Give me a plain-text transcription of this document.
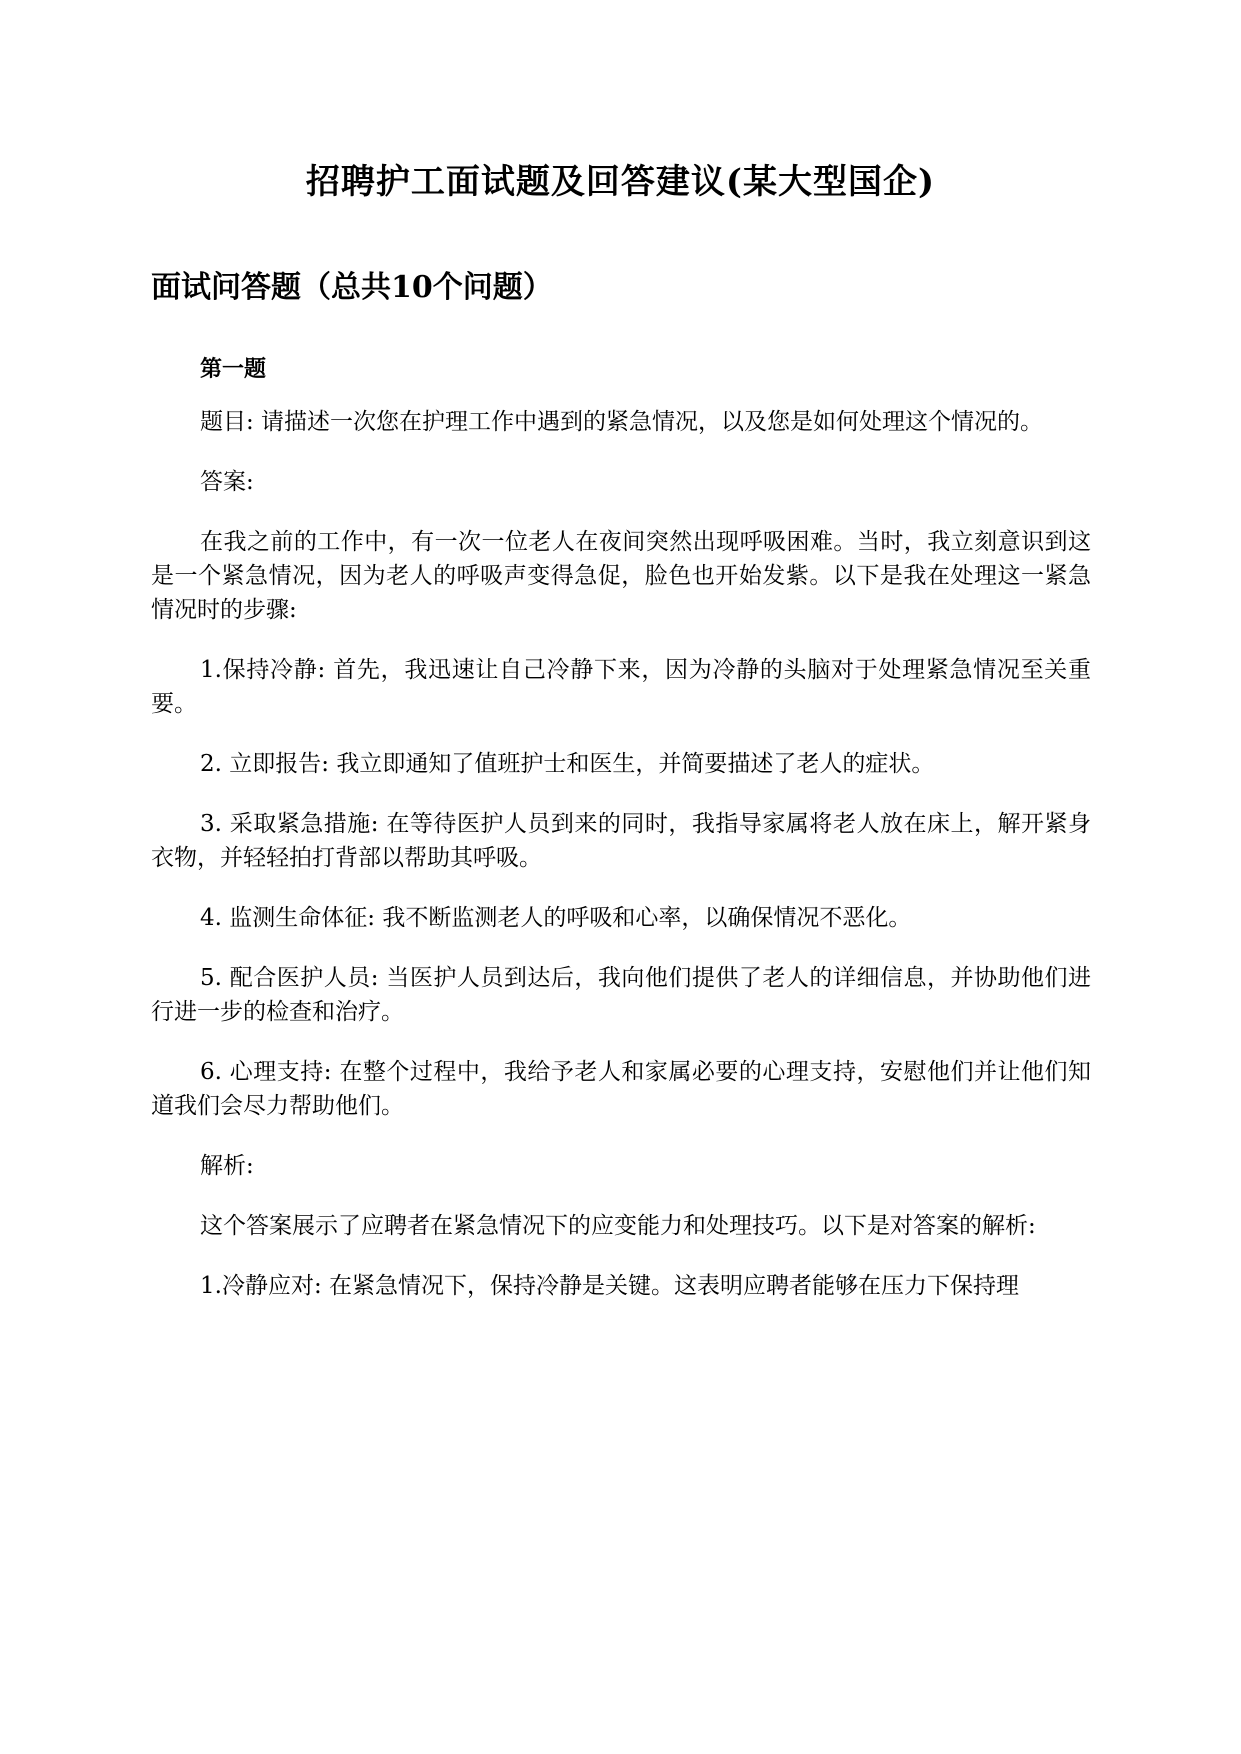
招聘护工面试题及回答建议(某大型国企)
面试问答题（总共10个问题）
第一题

题目: 请描述一次您在护理工作中遇到的紧急情况，以及您是如何处理这个情况的。

答案:

在我之前的工作中，有一次一位老人在夜间突然出现呼吸困难。当时，我立刻意识到这是一个紧急情况，因为老人的呼吸声变得急促，脸色也开始发紫。以下是我在处理这一紧急情况时的步骤:

1.保持冷静: 首先，我迅速让自己冷静下来，因为冷静的头脑对于处理紧急情况至关重要。

2. 立即报告: 我立即通知了值班护士和医生，并简要描述了老人的症状。

3. 采取紧急措施: 在等待医护人员到来的同时，我指导家属将老人放在床上，解开紧身衣物，并轻轻拍打背部以帮助其呼吸。

4. 监测生命体征: 我不断监测老人的呼吸和心率，以确保情况不恶化。

5. 配合医护人员: 当医护人员到达后，我向他们提供了老人的详细信息，并协助他们进行进一步的检查和治疗。

6. 心理支持: 在整个过程中，我给予老人和家属必要的心理支持，安慰他们并让他们知道我们会尽力帮助他们。

解析:

这个答案展示了应聘者在紧急情况下的应变能力和处理技巧。以下是对答案的解析:

1.冷静应对: 在紧急情况下，保持冷静是关键。这表明应聘者能够在压力下保持理
